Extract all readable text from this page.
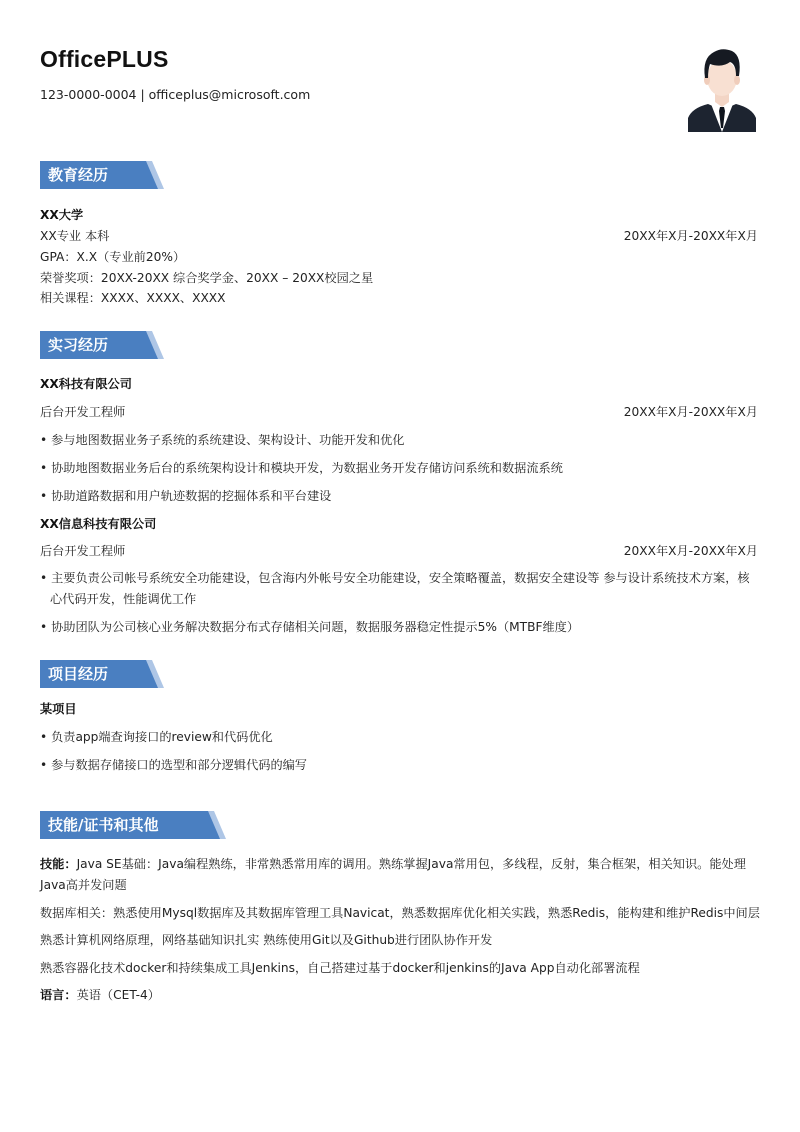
OfficePLUS
123-0000-0004 | officeplus@microsoft.com
教育经历
XX大学
XX专业 本科	20XX年X月-20XX年X月
GPA：X.X（专业前20%）
荣誉奖项：20XX-20XX 综合奖学金、20XX – 20XX校园之星
相关课程：XXXX、XXXX、XXXX
实习经历
XX科技有限公司
后台开发工程师	20XX年X月-20XX年X月
• 参与地图数据业务子系统的系统建设、架构设计、功能开发和优化
• 协助地图数据业务后台的系统架构设计和模块开发，为数据业务开发存储访问系统和数据流系统
• 协助道路数据和用户轨迹数据的挖掘体系和平台建设
XX信息科技有限公司
后台开发工程师	20XX年X月-20XX年X月
• 主要负责公司帐号系统安全功能建设，包含海内外帐号安全功能建设，安全策略覆盖，数据安全建设等 参与设计系统技术方案，核
心代码开发，性能调优工作
• 协助团队为公司核心业务解决数据分布式存储相关问题，数据服务器稳定性提示5%（MTBF维度）
项目经历
某项目
• 负责app端查询接口的review和代码优化
• 参与数据存储接口的选型和部分逻辑代码的编写
技能/证书和其他
技能：Java SE基础：Java编程熟练，非常熟悉常用库的调用。熟练掌握Java常用包，多线程，反射，集合框架，相关知识。能处理
Java高并发问题
数据库相关：熟悉使用Mysql数据库及其数据库管理工具Navicat，熟悉数据库优化相关实践，熟悉Redis，能构建和维护Redis中间层
熟悉计算机网络原理，网络基础知识扎实 熟练使用Git以及Github进行团队协作开发
熟悉容器化技术docker和持续集成工具Jenkins，自己搭建过基于docker和jenkins的Java App自动化部署流程
语言：英语（CET-4）
